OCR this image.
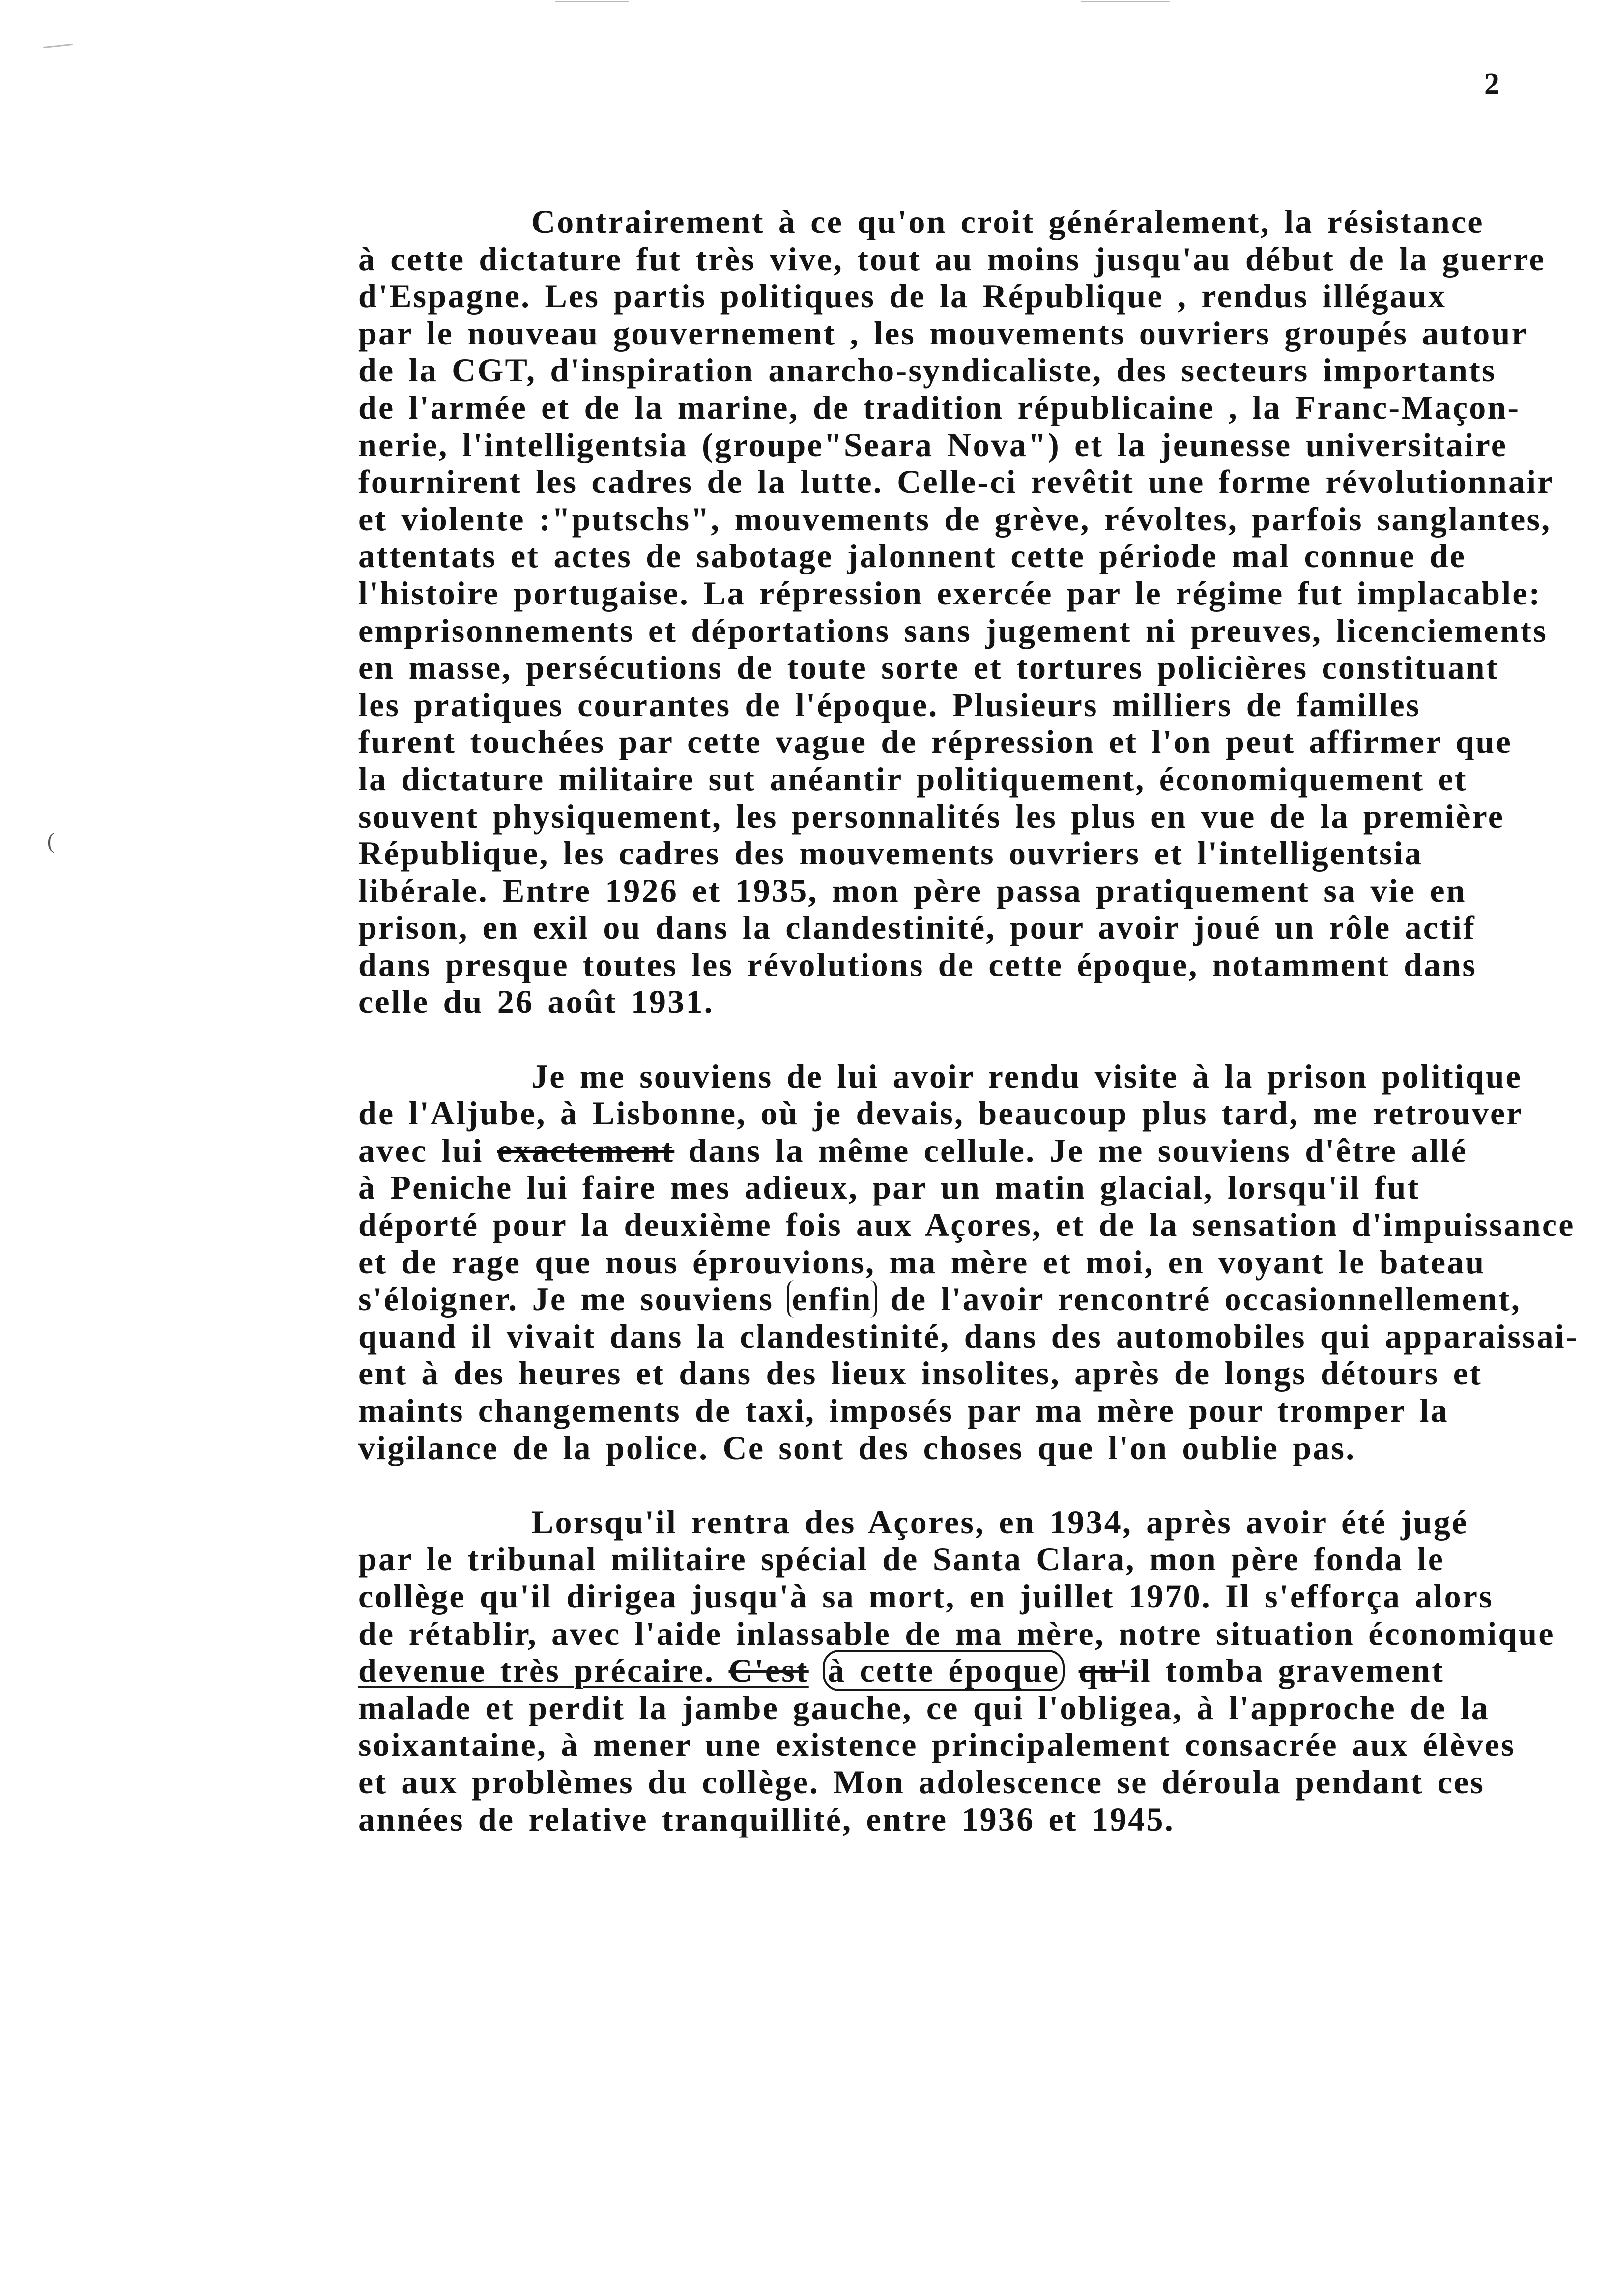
2
(
Contrairement à ce qu'on croit généralement, la résistance
à cette dictature fut très vive, tout au moins jusqu'au début de la guerre
d'Espagne. Les partis politiques de la République , rendus illégaux
par le nouveau gouvernement , les mouvements ouvriers groupés autour
de la CGT, d'inspiration anarcho-syndicaliste, des secteurs importants
de l'armée et de la marine, de tradition républicaine , la Franc-Maçon-
nerie, l'intelligentsia (groupe"Seara Nova") et la jeunesse universitaire
fournirent les cadres de la lutte. Celle-ci revêtit une forme révolutionnair
et violente :"putschs", mouvements de grève, révoltes, parfois sanglantes,
attentats et actes de sabotage jalonnent cette période mal connue de
l'histoire portugaise. La répression exercée par le régime fut implacable:
emprisonnements et déportations sans jugement ni preuves, licenciements
en masse, persécutions de toute sorte et tortures policières constituant
les pratiques courantes de l'époque. Plusieurs milliers de familles
furent touchées par cette vague de répression et l'on peut affirmer que
la dictature militaire sut anéantir politiquement, économiquement et
souvent physiquement, les personnalités les plus en vue de la première
République, les cadres des mouvements ouvriers et l'intelligentsia
libérale. Entre 1926 et 1935, mon père passa pratiquement sa vie en
prison, en exil ou dans la clandestinité, pour avoir joué un rôle actif
dans presque toutes les révolutions de cette époque, notamment dans
celle du 26 août 1931.
Je me souviens de lui avoir rendu visite à la prison politique
de l'Aljube, à Lisbonne, où je devais, beaucoup plus tard, me retrouver
avec lui exactement dans la même cellule. Je me souviens d'être allé
à Peniche lui faire mes adieux, par un matin glacial, lorsqu'il fut
déporté pour la deuxième fois aux Açores, et de la sensation d'impuissance
et de rage que nous éprouvions, ma mère et moi, en voyant le bateau
s'éloigner. Je me souviens enfin de l'avoir rencontré occasionnellement,
quand il vivait dans la clandestinité, dans des automobiles qui apparaissai-
ent à des heures et dans des lieux insolites, après de longs détours et
maints changements de taxi, imposés par ma mère pour tromper la
vigilance de la police. Ce sont des choses que l'on oublie pas.
Lorsqu'il rentra des Açores, en 1934, après avoir été jugé
par le tribunal militaire spécial de Santa Clara, mon père fonda le
collège qu'il dirigea jusqu'à sa mort, en juillet 1970. Il s'efforça alors
de rétablir, avec l'aide inlassable de ma mère, notre situation économique
devenue très précaire. C'est à cette époque qu'il tomba gravement
malade et perdit la jambe gauche, ce qui l'obligea, à l'approche de la
soixantaine, à mener une existence principalement consacrée aux élèves
et aux problèmes du collège. Mon adolescence se déroula pendant ces
années de relative tranquillité, entre 1936 et 1945.
